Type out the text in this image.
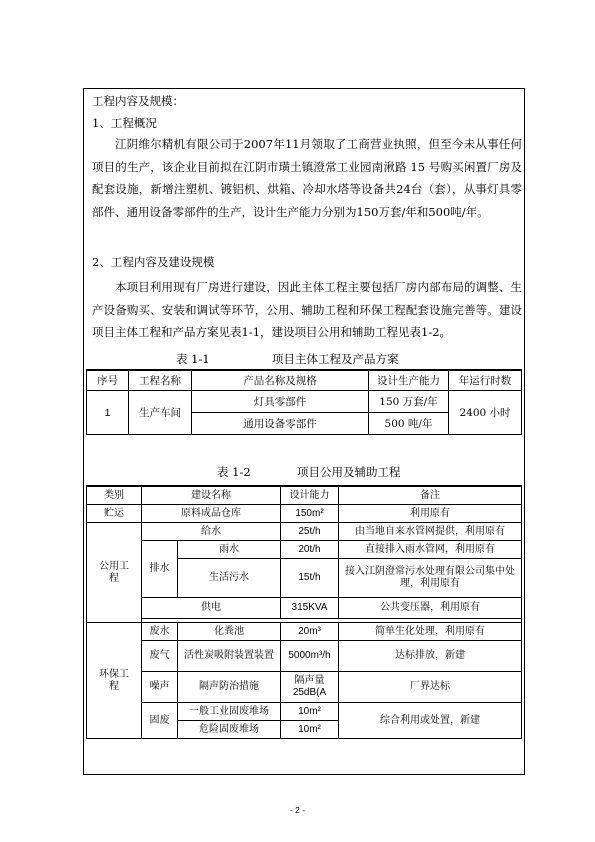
工程内容及规模：
1、工程概况
江阴维尔精机有限公司于2007年11月领取了工商营业执照，但至今未从事任何项目的生产，该企业目前拟在江阴市璜土镇澄常工业园南湫路 15 号购买闲置厂房及配套设施，新增注塑机、镀铝机、烘箱、冷却水塔等设备共24台（套），从事灯具零部件、通用设备零部件的生产，设计生产能力分别为150万套/年和500吨/年。
2、工程内容及建设规模
本项目利用现有厂房进行建设，因此主体工程主要包括厂房内部布局的调整、生产设备购买、安装和调试等环节，公用、辅助工程和环保工程配套设施完善等。建设项目主体工程和产品方案见表1-1，建设项目公用和辅助工程见表1-2。
表 1-1	项目主体工程及产品方案
序号	工程名称	产品名称及规格	设计生产能力	年运行时数
1	生产车间	灯具零部件	150 万套/年	2400 小时
		通用设备零部件	500 吨/年	
表 1-2	项目公用及辅助工程
类别	建设名称		设计能力	备注
贮运	原料成品仓库		150m²	利用原有

公用工程	给水		25t/h	由当地自来水管网提供，利用原有
	排水	雨水	20t/h	直接排入雨水管网，利用原有
		生活污水	15t/h	接入江阴澄常污水处理有限公司集中处理，利用原有
	供电		315KVA	公共变压器，利用原有

环保工程	废水	化粪池	20m³	简单生化处理，利用原有
	废气	活性炭吸附装置装置	5000m³/h	达标排放，新建
	噪声	隔声防治措施	隔声量25dB(A	厂界达标
	固废	一般工业固废堆场	10m²	综合利用或处置，新建
		危险固废堆场	10m²	
- 2 -
